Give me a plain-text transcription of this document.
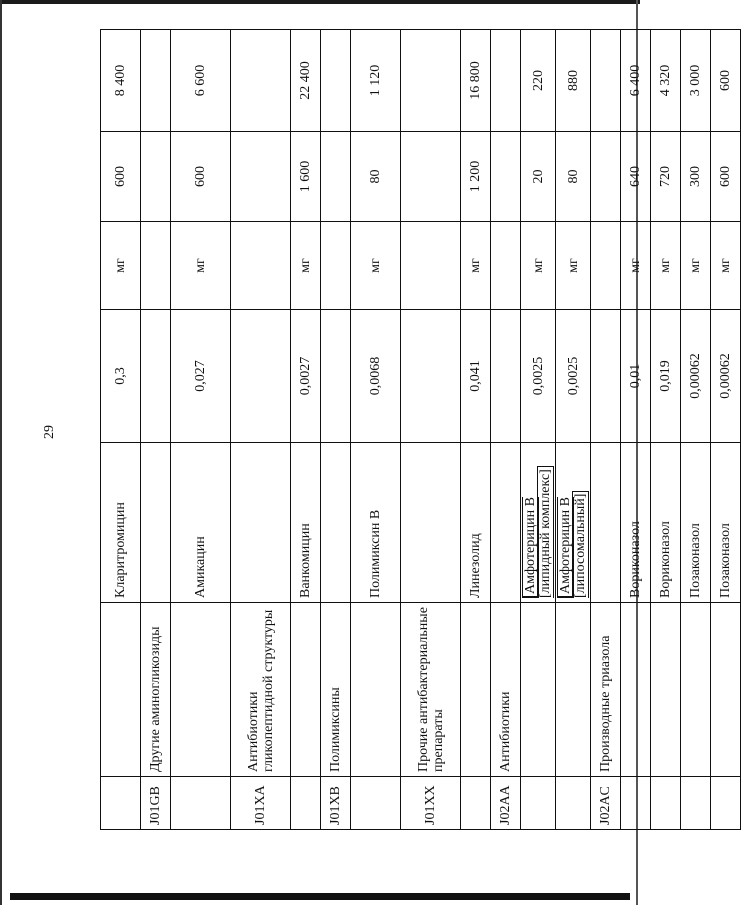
29
		Кларитромицин	0,3	мг	600	8 400
J01GB	Другие аминогликозиды					
		Амикацин	0,027	мг	600	6 600
J01XA	Антибиотики гликопептидной структуры					
		Ванкомицин	0,0027	мг	1 600	22 400
J01XB	Полимиксины					
		Полимиксин В	0,0068	мг	80	1 120
J01XX	Прочие антибактериальные препараты					
		Линезолид	0,041	мг	1 200	16 800
J02AA	Антибиотики					
		Амфотерицин В [липидный комплекс]	0,0025	мг	20	220
		Амфотерицин В [липосомальный]	0,0025	мг	80	880
J02AC	Производные триазола					
		Вориконазол	0,01	мг	640	6 400
		Вориконазол	0,019	мг	720	4 320
		Позаконазол	0,00062	мг	300	3 000
		Позаконазол	0,00062	мг	600	600
